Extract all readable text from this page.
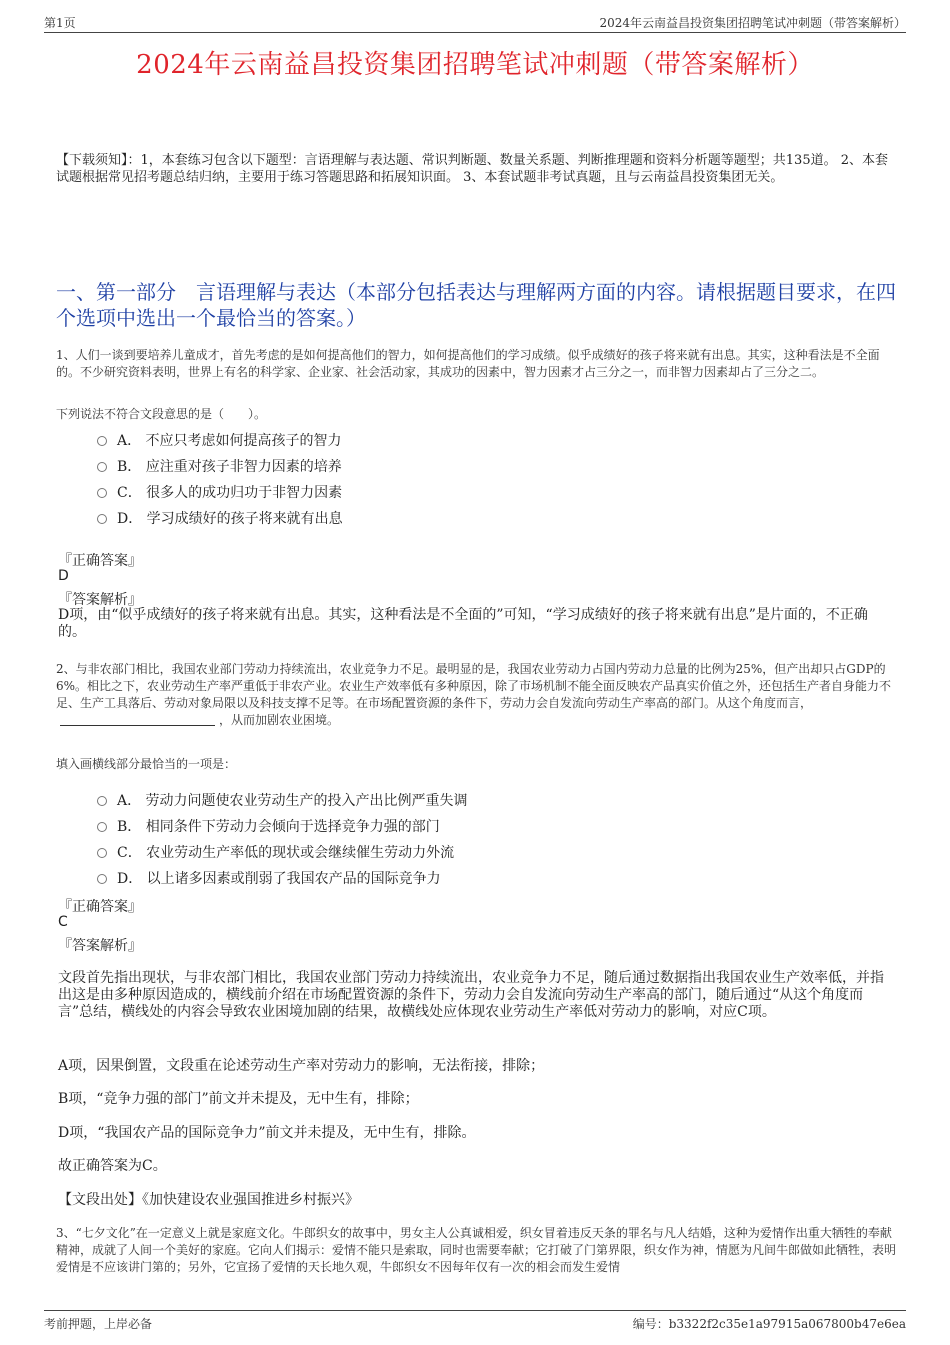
第1页	2024年云南益昌投资集团招聘笔试冲刺题（带答案解析）
2024年云南益昌投资集团招聘笔试冲刺题（带答案解析）
【下载须知】：1，本套练习包含以下题型：言语理解与表达题、常识判断题、数量关系题、判断推理题和资料分析题等题型；共135道。 2、本套试题根据常见招考题总结归纳，主要用于练习答题思路和拓展知识面。 3、本套试题非考试真题，且与云南益昌投资集团无关。
一、第一部分　言语理解与表达（本部分包括表达与理解两方面的内容。请根据题目要求，在四个选项中选出一个最恰当的答案。）
1、人们一谈到要培养儿童成才，首先考虑的是如何提高他们的智力，如何提高他们的学习成绩。似乎成绩好的孩子将来就有出息。其实，这种看法是不全面的。不少研究资料表明，世界上有名的科学家、企业家、社会活动家，其成功的因素中，智力因素才占三分之一，而非智力因素却占了三分之二。
下列说法不符合文段意思的是（　　）。
A． 不应只考虑如何提高孩子的智力
B． 应注重对孩子非智力因素的培养
C． 很多人的成功归功于非智力因素
D． 学习成绩好的孩子将来就有出息
『正确答案』
D
『答案解析』
D项，由“似乎成绩好的孩子将来就有出息。其实，这种看法是不全面的”可知，“学习成绩好的孩子将来就有出息”是片面的，不正确的。
2、与非农部门相比，我国农业部门劳动力持续流出，农业竞争力不足。最明显的是，我国农业劳动力占国内劳动力总量的比例为25%，但产出却只占GDP的6%。相比之下，农业劳动生产率严重低于非农产业。农业生产效率低有多种原因，除了市场机制不能全面反映农产品真实价值之外，还包括生产者自身能力不足、生产工具落后、劳动对象局限以及科技支撑不足等。在市场配置资源的条件下，劳动力会自发流向劳动生产率高的部门。从这个角度而言，，从而加剧农业困境。
填入画横线部分最恰当的一项是：
A． 劳动力问题使农业劳动生产的投入产出比例严重失调
B． 相同条件下劳动力会倾向于选择竞争力强的部门
C． 农业劳动生产率低的现状或会继续催生劳动力外流
D． 以上诸多因素或削弱了我国农产品的国际竞争力
『正确答案』
C
『答案解析』
文段首先指出现状，与非农部门相比，我国农业部门劳动力持续流出，农业竞争力不足，随后通过数据指出我国农业生产效率低，并指出这是由多种原因造成的，横线前介绍在市场配置资源的条件下，劳动力会自发流向劳动生产率高的部门，随后通过“从这个角度而言”总结，横线处的内容会导致农业困境加剧的结果，故横线处应体现农业劳动生产率低对劳动力的影响，对应C项。
A项，因果倒置，文段重在论述劳动生产率对劳动力的影响，无法衔接，排除；
B项，“竞争力强的部门”前文并未提及，无中生有，排除；
D项，“我国农产品的国际竞争力”前文并未提及，无中生有，排除。
故正确答案为C。
【文段出处】《加快建设农业强国推进乡村振兴》
3、“七夕文化”在一定意义上就是家庭文化。牛郎织女的故事中，男女主人公真诚相爱，织女冒着违反天条的罪名与凡人结婚，这种为爱情作出重大牺牲的奉献精神，成就了人间一个美好的家庭。它向人们揭示：爱情不能只是索取，同时也需要奉献；它打破了门第界限，织女作为神，情愿为凡间牛郎做如此牺牲，表明爱情是不应该讲门第的；另外，它宣扬了爱情的天长地久观，牛郎织女不因每年仅有一次的相会而发生爱情
考前押题，上岸必备	编号：b3322f2c35e1a97915a067800b47e6ea
